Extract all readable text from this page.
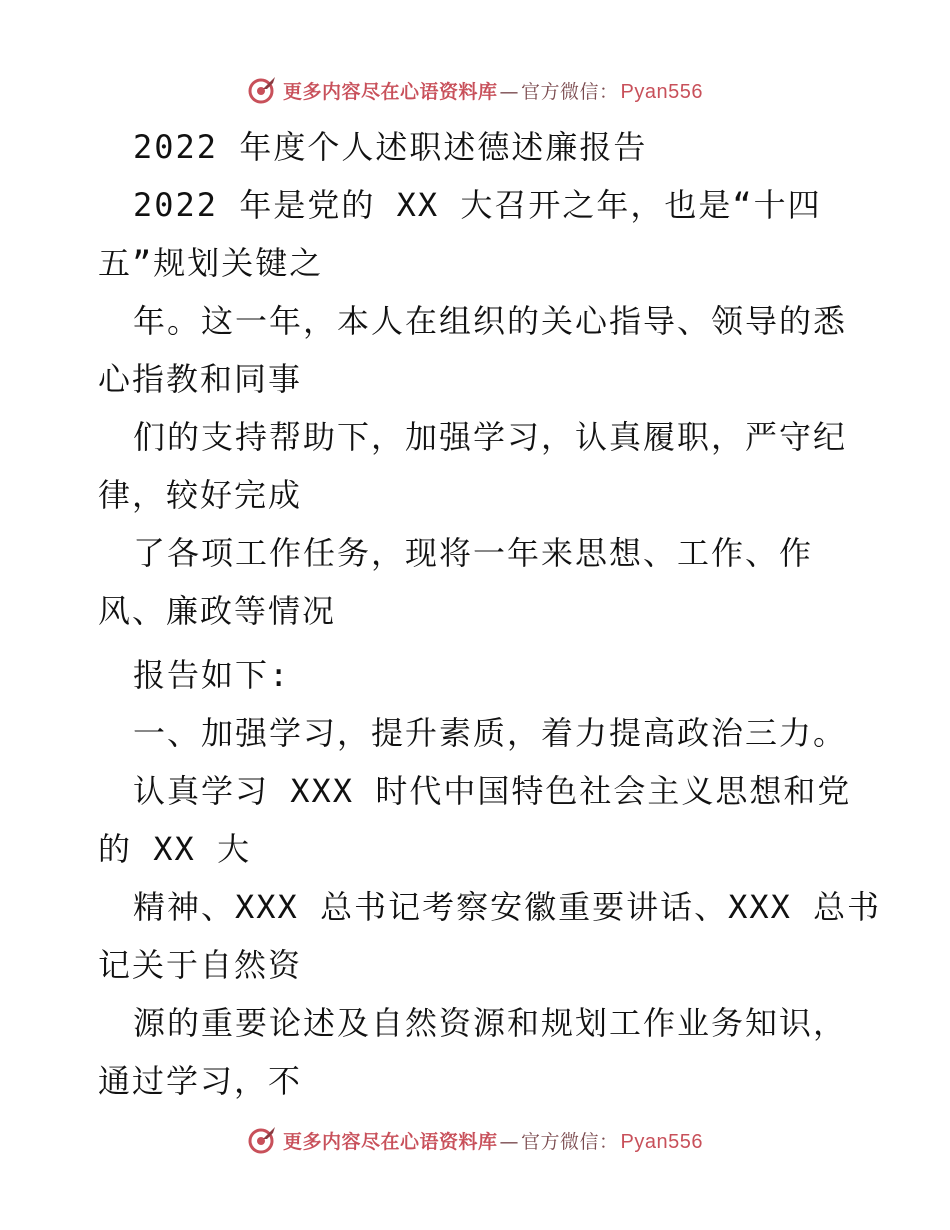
更多内容尽在心语资料库 — 官方微信： Pyan556

2022 年度个人述职述德述廉报告

2022 年是党的 XX 大召开之年，也是“十四

五”规划关键之

年。这一年，本人在组织的关心指导、领导的悉

心指教和同事

们的支持帮助下，加强学习，认真履职，严守纪

律，较好完成

了各项工作任务，现将一年来思想、工作、作

风、廉政等情况

报告如下:

一、加强学习，提升素质，着力提高政治三力。

认真学习 XXX 时代中国特色社会主义思想和党

的 XX 大

精神、XXX 总书记考察安徽重要讲话、XXX 总书

记关于自然资

源的重要论述及自然资源和规划工作业务知识，

通过学习，不

更多内容尽在心语资料库 — 官方微信： Pyan556
